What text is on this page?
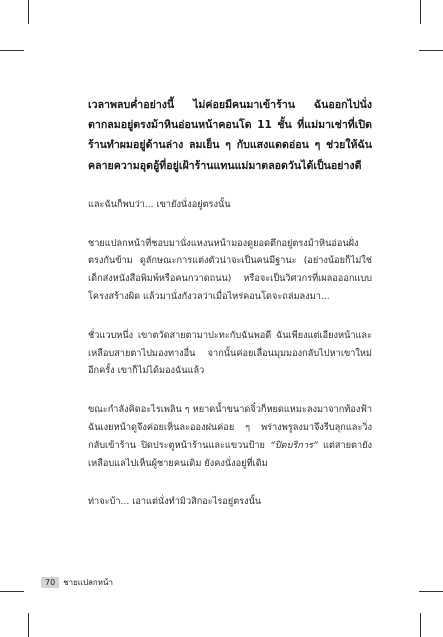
เวลาพลบค่ำอย่างนี้ ไม่ค่อยมีคนมาเข้าร้าน ฉันออกไปนั่งตากลมอยู่ตรงม้าหินอ่อนหน้าคอนโด 11 ชั้น ที่แม่มาเช่าที่เปิดร้านทำผมอยู่ด้านล่าง ลมเย็น ๆ กับแสงแดดอ่อน ๆ ช่วยให้ฉันคลายความอุดอู้ที่อยู่เฝ้าร้านแทนแม่มาตลอดวันได้เป็นอย่างดี

และฉันก็พบว่า... เขายังนั่งอยู่ตรงนั้น

ชายแปลกหน้าที่ชอบมานั่งแหงนหน้ามองดูยอดตึกอยู่ตรงม้าหินอ่อนฝั่งตรงกันข้าม ดูลักษณะการแต่งตัวน่าจะเป็นคนมีฐานะ (อย่างน้อยก็ไม่ใช่เด็กส่งหนังสือพิมพ์หรือคนกวาดถนน) หรือจะเป็นวิศวกรที่เผลอออกแบบโครงสร้างผิด แล้วมานั่งกังวลว่าเมื่อไหร่คอนโดจะถล่มลงมา...

ชั่วแวบหนึ่ง เขาตวัดสายตามาปะทะกับฉันพอดี ฉันเพียงแต่เอียงหน้าและเหลือบสายตาไปมองทางอื่น จากนั้นค่อยเลื่อนมุมมองกลับไปหาเขาใหม่อีกครั้ง เขาก็ไม่ได้มองฉันแล้ว

ขณะกำลังคิดอะไรเพลิน ๆ หยาดน้ำขนาดจิ๋วก็หยดแหมะลงมาจากท้องฟ้า ฉันเงยหน้าดูจึงค่อยเห็นละอองฝนค่อย ๆ พร่างพรูลงมาจึงรีบลุกและวิ่งกลับเข้าร้าน ปิดประตูหน้าร้านและแขวนป้าย “ปิดบริการ” แต่สายตายังเหลือบแลไปเห็นผู้ชายคนเดิม ยังคงนั่งอยู่ที่เดิม

ท่าจะบ้า... เอาแต่นั่งทำมิวสิกอะไรอยู่ตรงนั้น

70	ชายแปลกหน้า
